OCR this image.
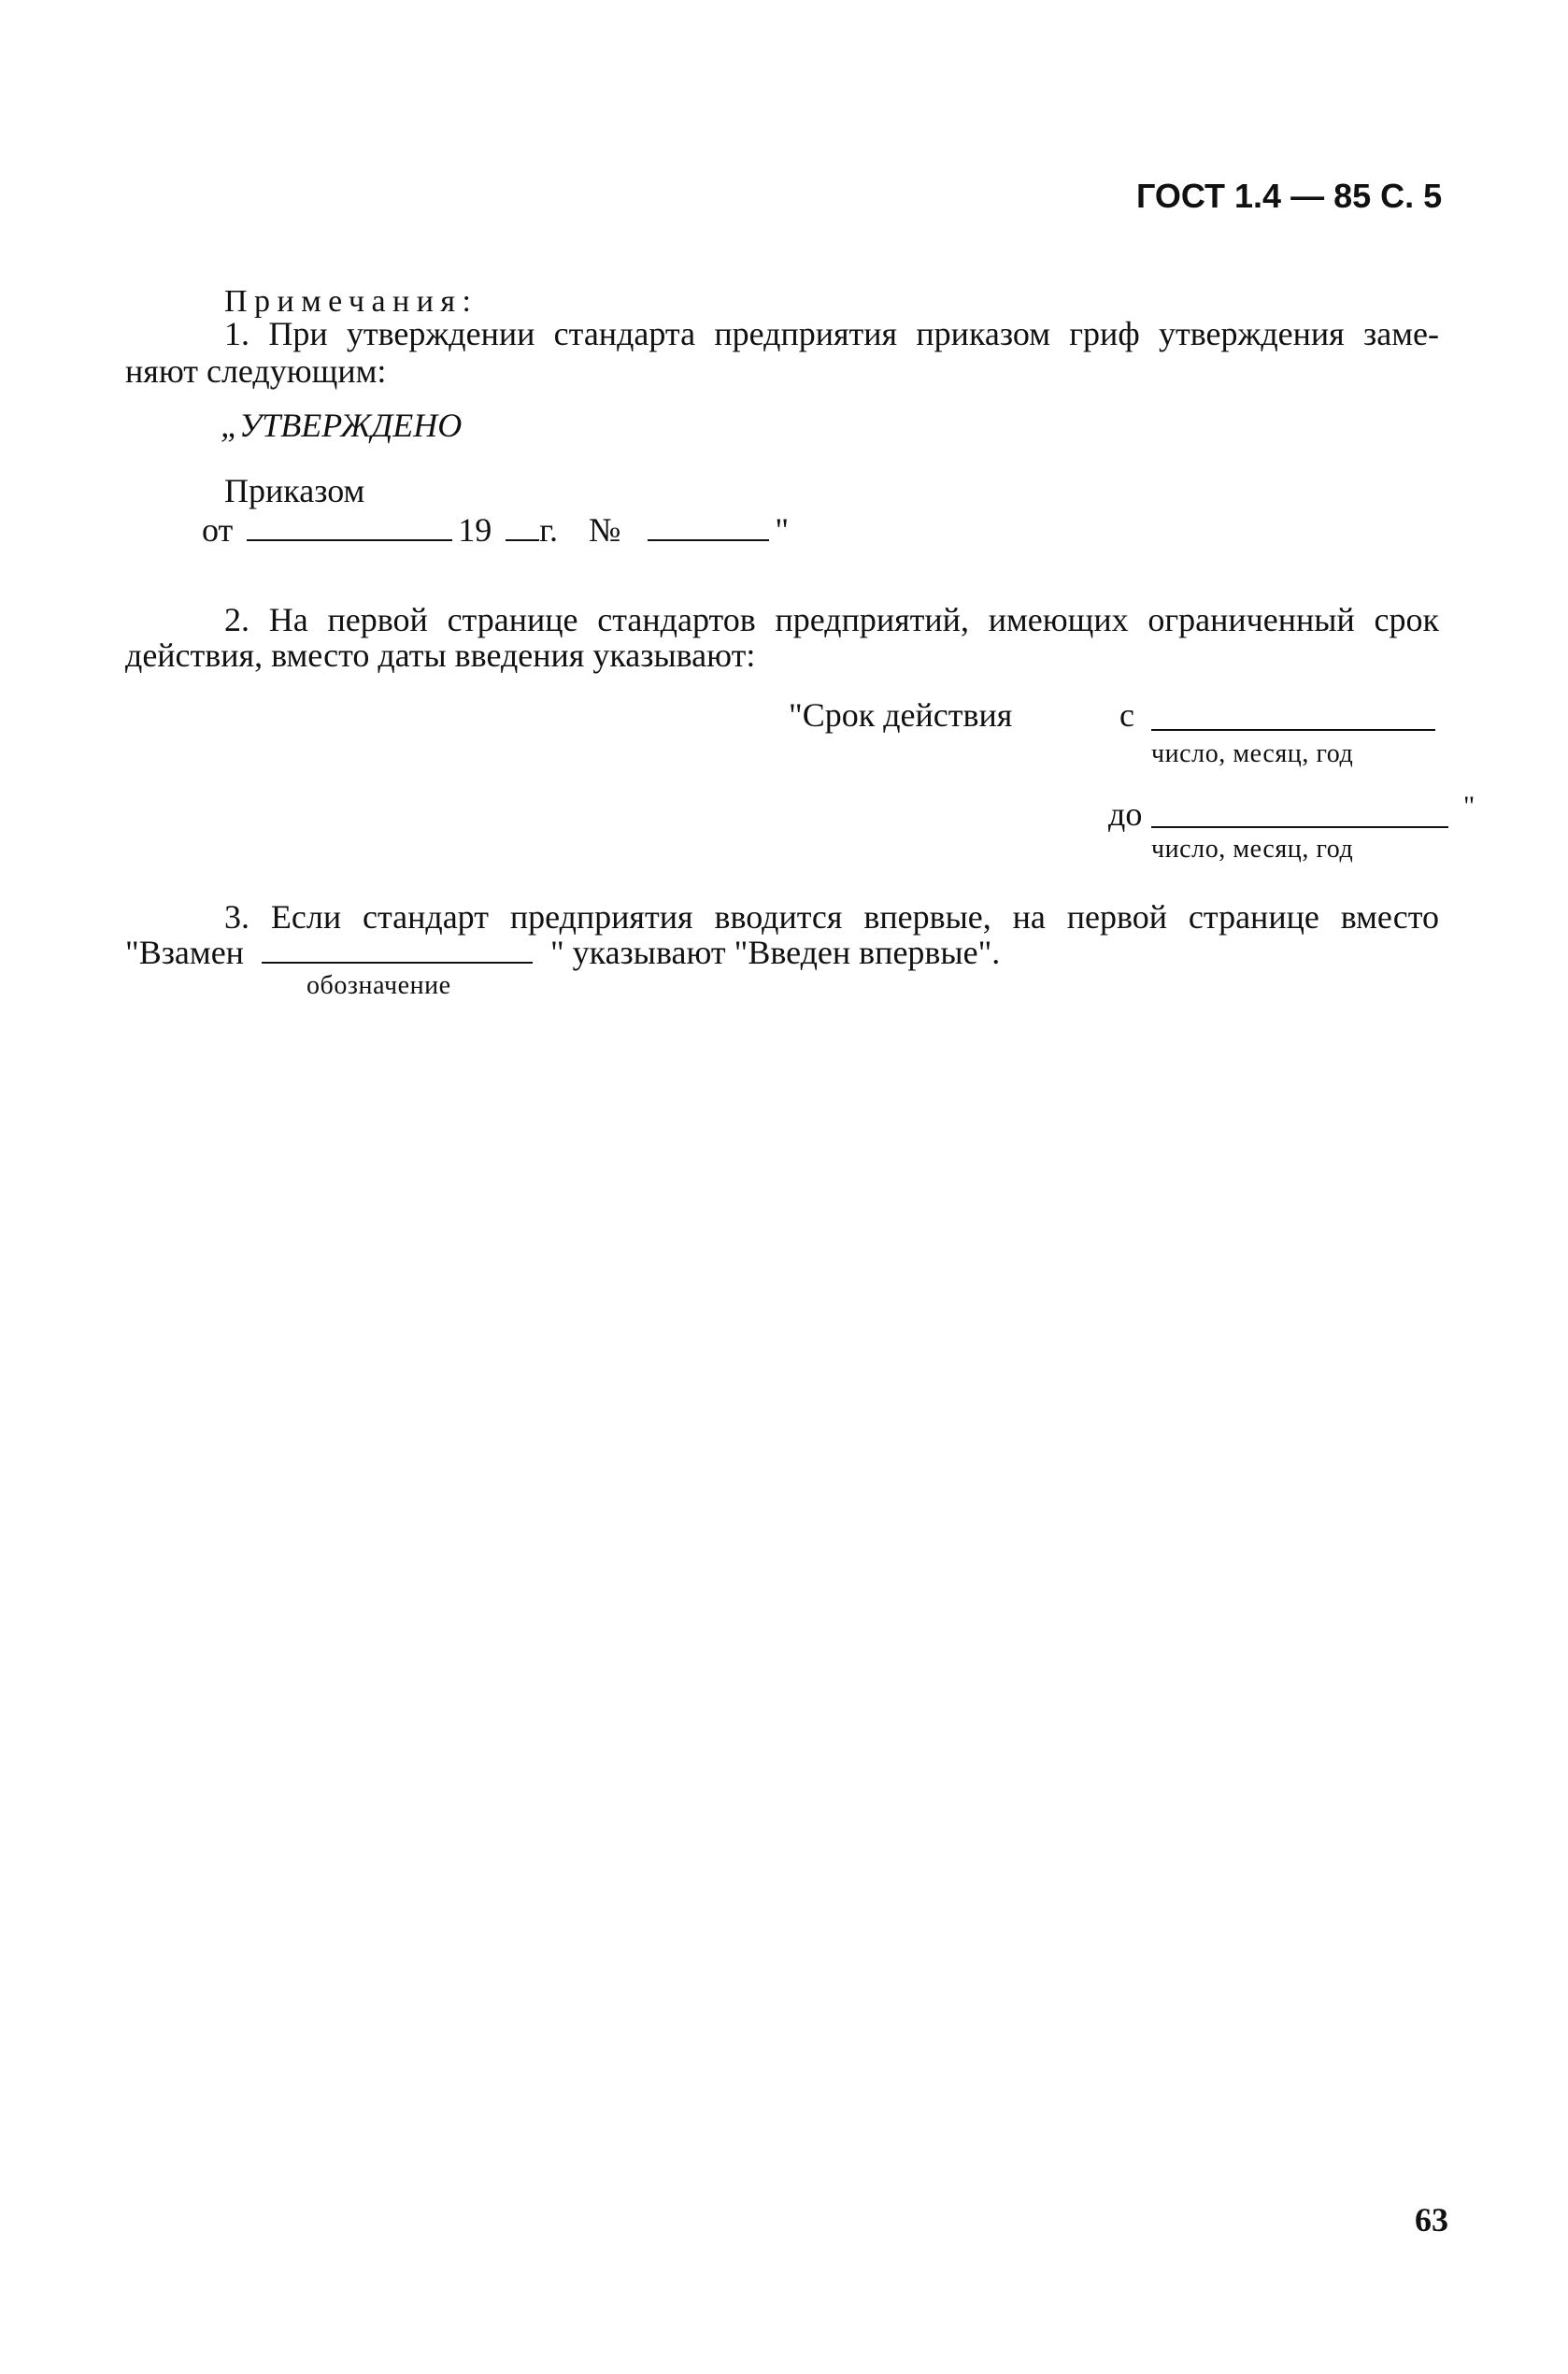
ГОСТ 1.4 — 85 С. 5
Примечания:
1. При утверждении стандарта предприятия приказом гриф утверждения заме-
няют следующим:
„УТВЕРЖДЕНО
Приказом
от	19 г. №	"
2. На первой странице стандартов предприятий, имеющих ограниченный срок
действия, вместо даты введения указывают:
"Срок действия	с
число, месяц, год
до	"
число, месяц, год
3. Если стандарт предприятия вводится впервые, на первой странице вместо
"Взамен	" указывают "Введен впервые".
обозначение
63
